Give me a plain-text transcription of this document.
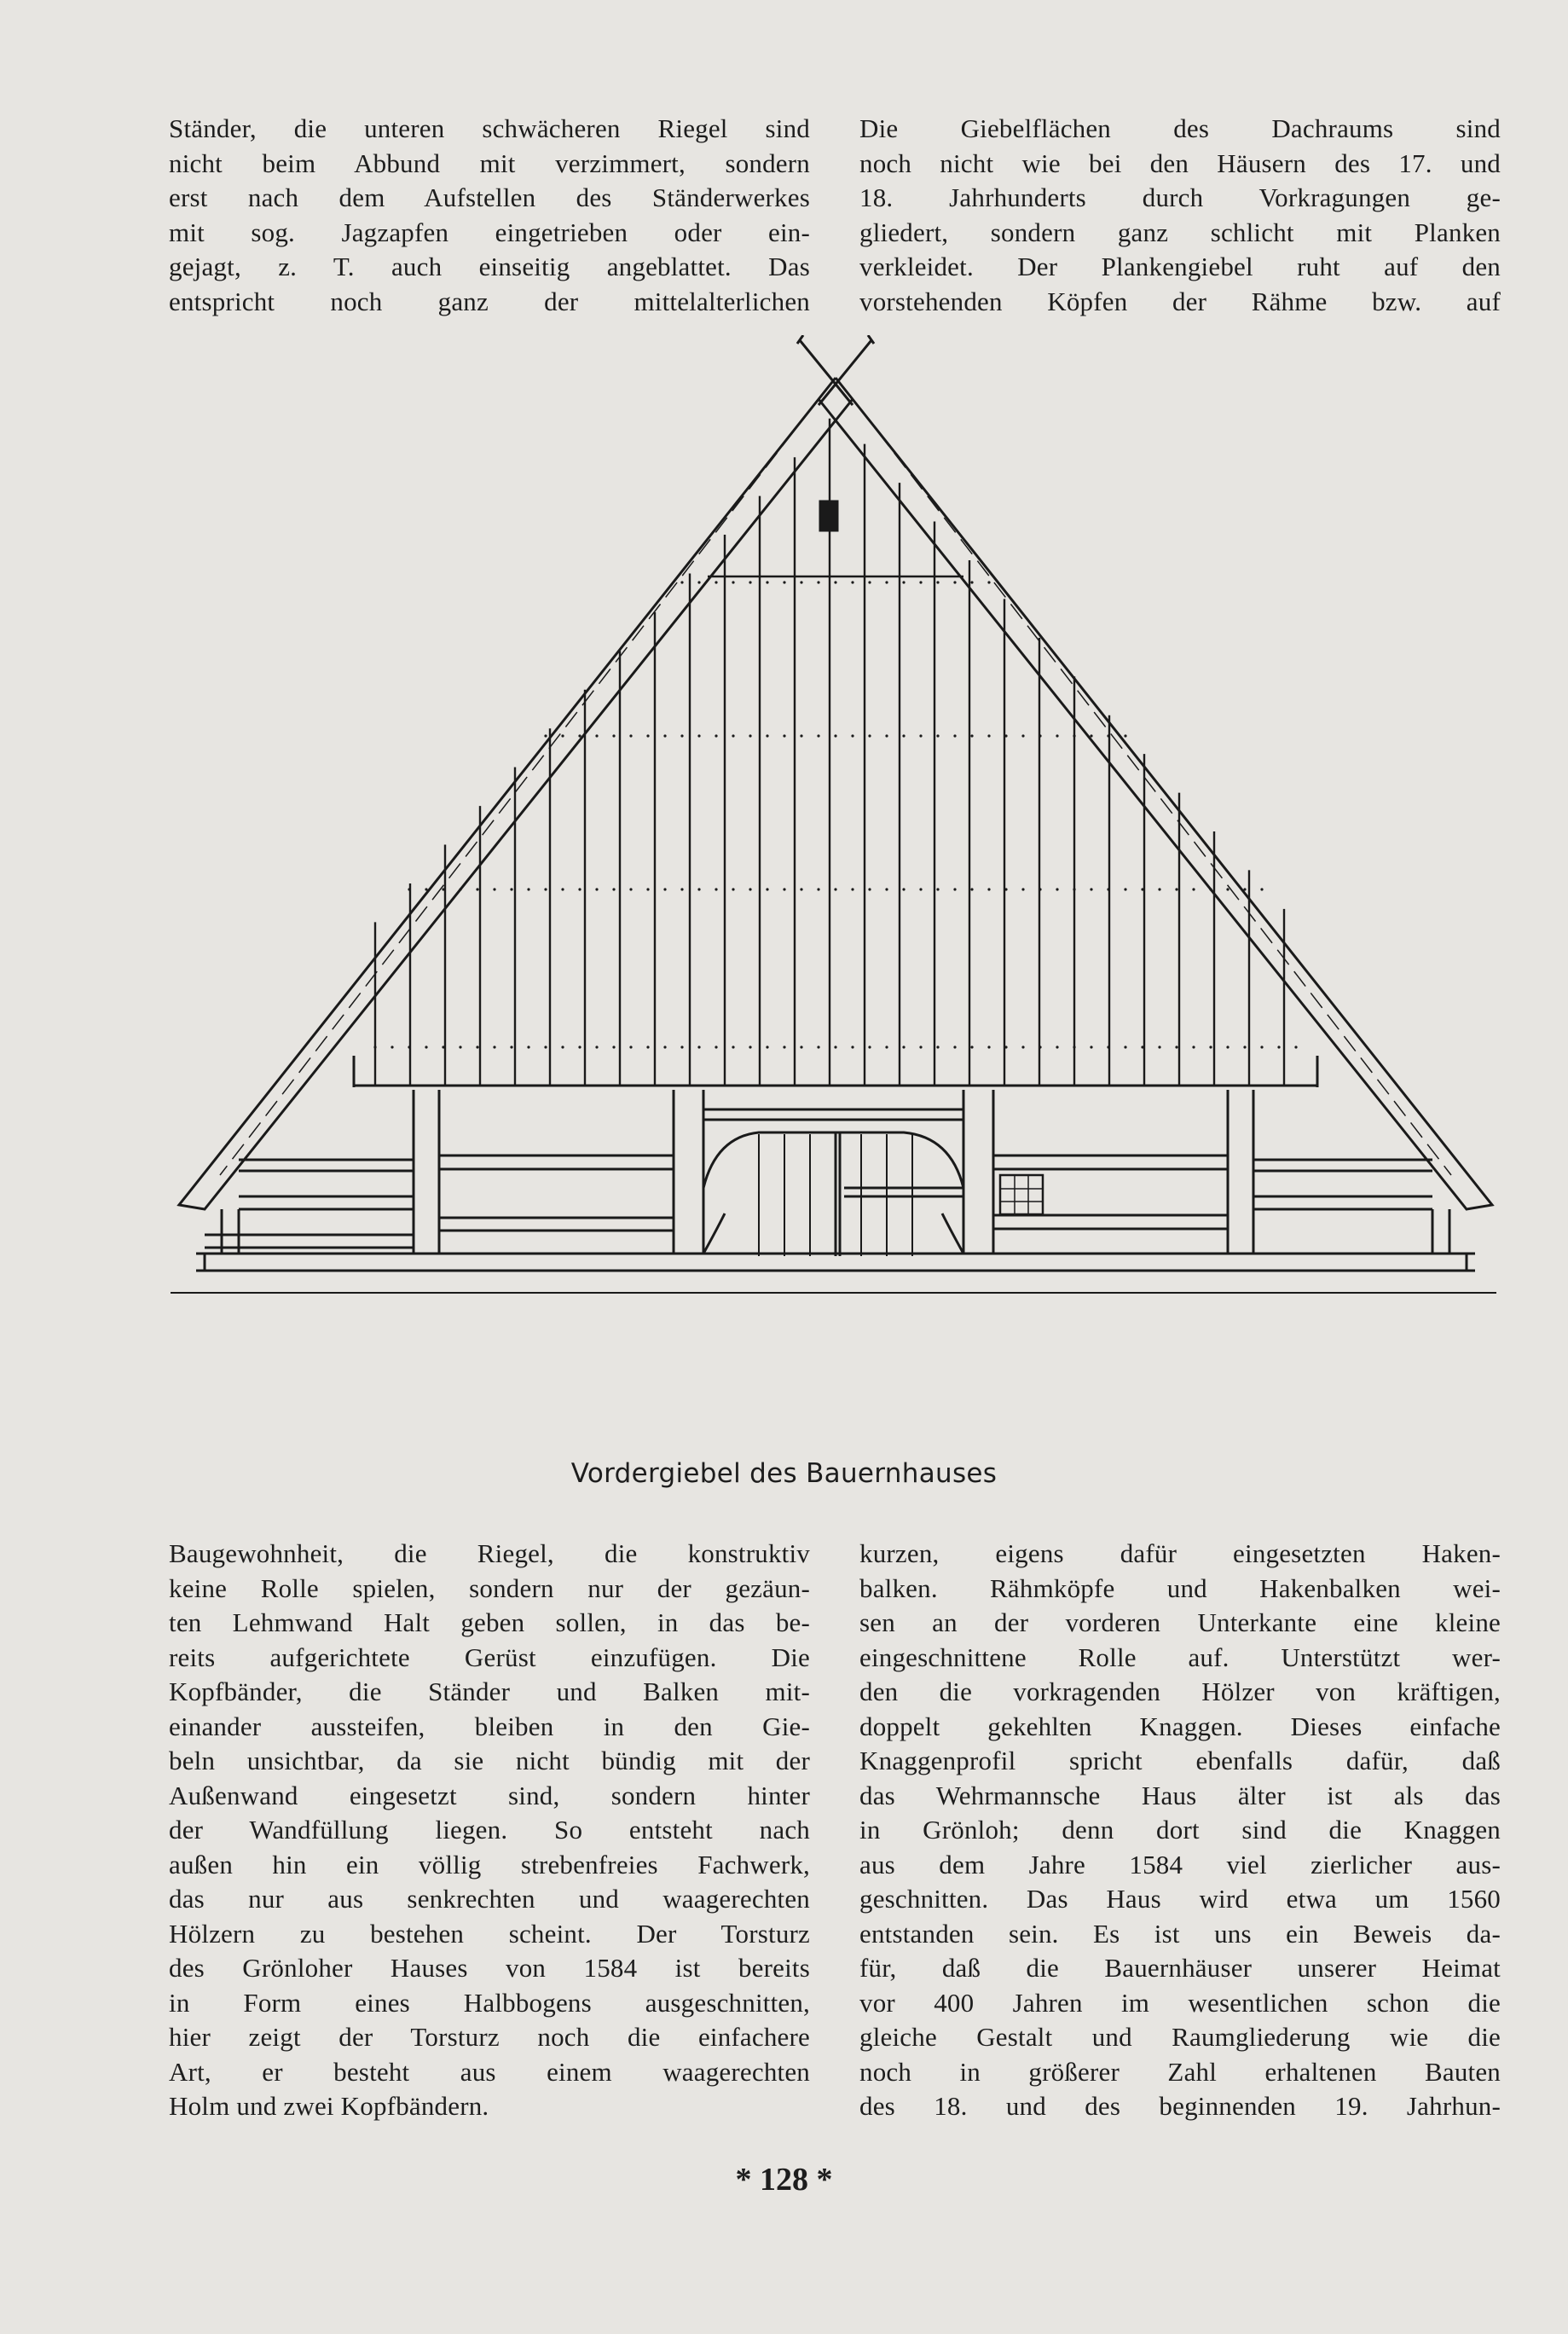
Ständer, die unteren schwächeren Riegel sind
nicht beim Abbund mit verzimmert, sondern
erst nach dem Aufstellen des Ständerwerkes
mit sog. Jagzapfen eingetrieben oder ein-
gejagt, z. T. auch einseitig angeblattet. Das
entspricht noch ganz der mittelalterlichen
Die Giebelflächen des Dachraums sind
noch nicht wie bei den Häusern des 17. und
18. Jahrhunderts durch Vorkragungen ge-
gliedert, sondern ganz schlicht mit Planken
verkleidet. Der Plankengiebel ruht auf den
vorstehenden Köpfen der Rähme bzw. auf
Vordergiebel des Bauernhauses
Baugewohnheit, die Riegel, die konstruktiv
keine Rolle spielen, sondern nur der gezäun-
ten Lehmwand Halt geben sollen, in das be-
reits aufgerichtete Gerüst einzufügen. Die
Kopfbänder, die Ständer und Balken mit-
einander aussteifen, bleiben in den Gie-
beln unsichtbar, da sie nicht bündig mit der
Außenwand eingesetzt sind, sondern hinter
der Wandfüllung liegen. So entsteht nach
außen hin ein völlig strebenfreies Fachwerk,
das nur aus senkrechten und waagerechten
Hölzern zu bestehen scheint. Der Torsturz
des Grönloher Hauses von 1584 ist bereits
in Form eines Halbbogens ausgeschnitten,
hier zeigt der Torsturz noch die einfachere
Art, er besteht aus einem waagerechten
Holm und zwei Kopfbändern.
kurzen, eigens dafür eingesetzten Haken-
balken. Rähmköpfe und Hakenbalken wei-
sen an der vorderen Unterkante eine kleine
eingeschnittene Rolle auf. Unterstützt wer-
den die vorkragenden Hölzer von kräftigen,
doppelt gekehlten Knaggen. Dieses einfache
Knaggenprofil spricht ebenfalls dafür, daß
das Wehrmannsche Haus älter ist als das
in Grönloh; denn dort sind die Knaggen
aus dem Jahre 1584 viel zierlicher aus-
geschnitten. Das Haus wird etwa um 1560
entstanden sein. Es ist uns ein Beweis da-
für, daß die Bauernhäuser unserer Heimat
vor 400 Jahren im wesentlichen schon die
gleiche Gestalt und Raumgliederung wie die
noch in größerer Zahl erhaltenen Bauten
des 18. und des beginnenden 19. Jahrhun-
* 128 *
